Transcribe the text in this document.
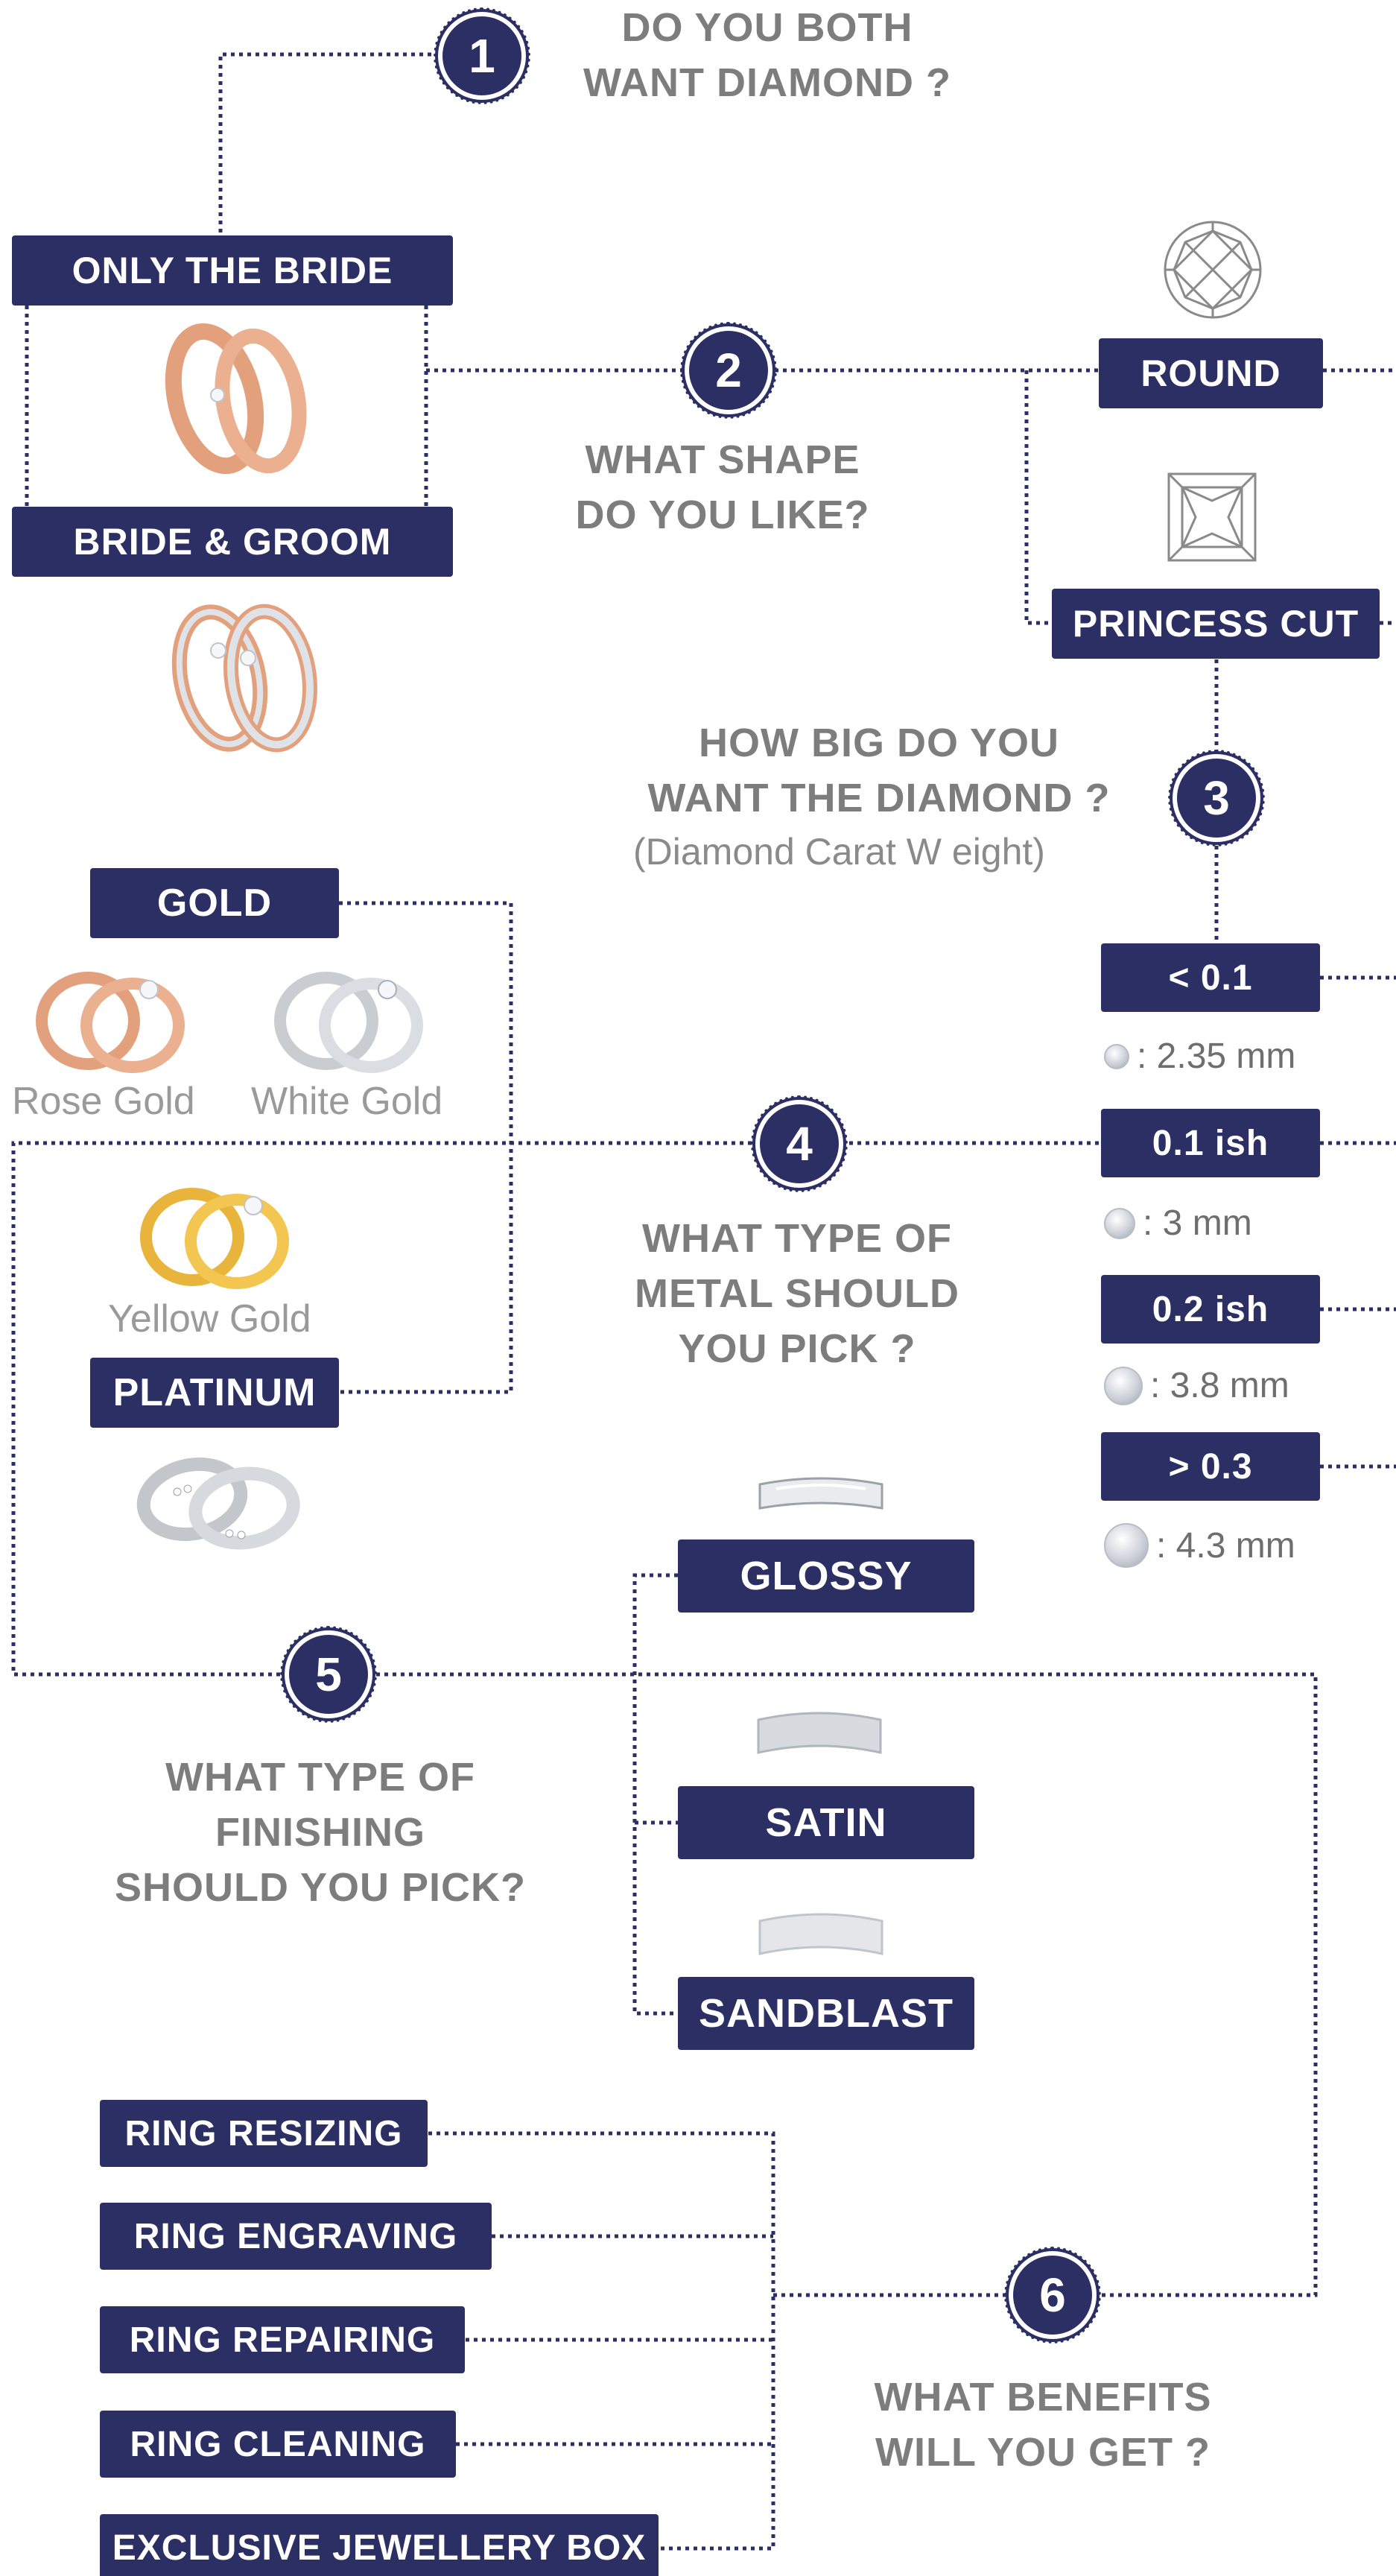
1
DO YOU BOTH
WANT DIAMOND ?
ONLY THE BRIDE
BRIDE & GROOM
2
WHAT SHAPE
DO YOU LIKE?
ROUND
PRINCESS CUT
HOW BIG DO YOU
WANT THE DIAMOND ?
(Diamond Carat W eight)
3
< 0.1
: 2.35 mm
0.1 ish
: 3 mm
0.2 ish
: 3.8 mm
> 0.3
: 4.3 mm
GOLD
Rose Gold White Gold
Yellow Gold
PLATINUM
4
WHAT TYPE OF
METAL SHOULD
YOU PICK ?
GLOSSY
SATIN
SANDBLAST
5
WHAT TYPE OF
FINISHING
SHOULD YOU PICK?
RING RESIZING
RING ENGRAVING
RING REPAIRING
RING CLEANING
EXCLUSIVE JEWELLERY BOX
6
WHAT BENEFITS
WILL YOU GET ?
